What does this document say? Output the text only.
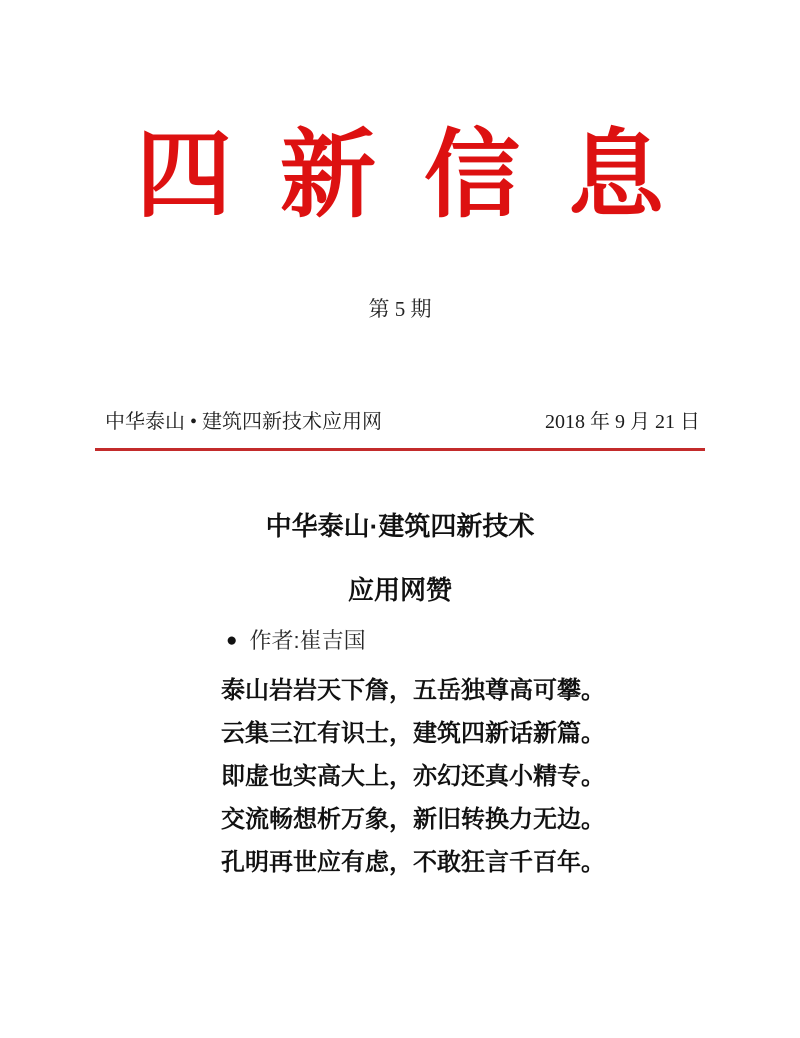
四新信息
第 5 期
中华泰山 • 建筑四新技术应用网	2018 年 9 月 21 日
中华泰山·建筑四新技术
应用网赞
● 作者:崔吉国
泰山岩岩天下詹，五岳独尊高可攀。
云集三江有识士，建筑四新话新篇。
即虚也实高大上，亦幻还真小精专。
交流畅想析万象，新旧转换力无边。
孔明再世应有虑，不敢狂言千百年。
